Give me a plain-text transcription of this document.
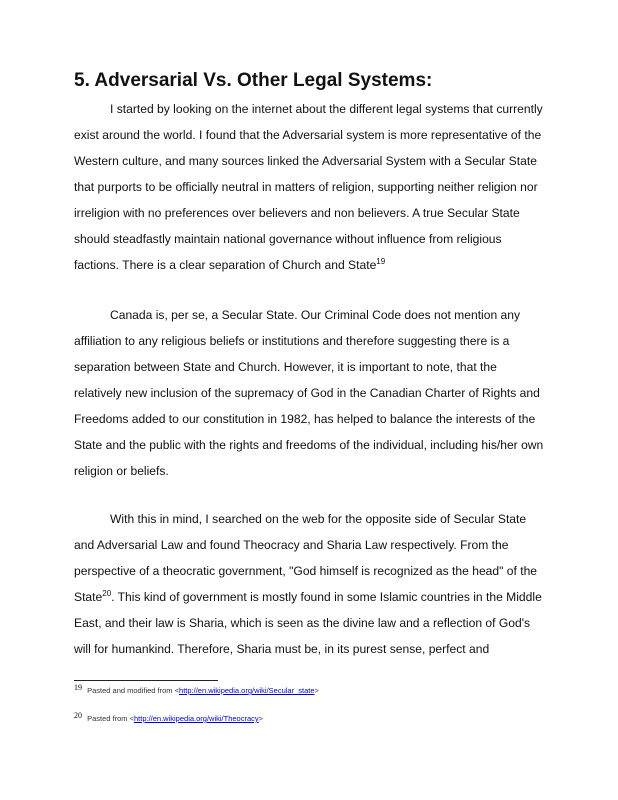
5. Adversarial Vs. Other Legal Systems:

I started by looking on the internet about the different legal systems that currently
exist around the world. I found that the Adversarial system is more representative of the
Western culture, and many sources linked the Adversarial System with a Secular State
that purports to be officially neutral in matters of religion, supporting neither religion nor
irreligion with no preferences over believers and non believers. A true Secular State
should steadfastly maintain national governance without influence from religious
factions. There is a clear separation of Church and State$^{19}$

Canada is, per se, a Secular State. Our Criminal Code does not mention any
affiliation to any religious beliefs or institutions and therefore suggesting there is a
separation between State and Church. However, it is important to note, that the
relatively new inclusion of the supremacy of God in the Canadian Charter of Rights and
Freedoms added to our constitution in 1982, has helped to balance the interests of the
State and the public with the rights and freedoms of the individual, including his/her own
religion or beliefs.

With this in mind, I searched on the web for the opposite side of Secular State
and Adversarial Law and found Theocracy and Sharia Law respectively. From the
perspective of a theocratic government, "God himself is recognized as the head" of the
State$^{20}$. This kind of government is mostly found in some Islamic countries in the Middle
East, and their law is Sharia, which is seen as the divine law and a reflection of God's
will for humankind. Therefore, Sharia must be, in its purest sense, perfect and

19 Pasted and modified from <http://en.wikipedia.org/wiki/Secular_state>
20 Pasted from <http://en.wikipedia.org/wiki/Theocracy>
